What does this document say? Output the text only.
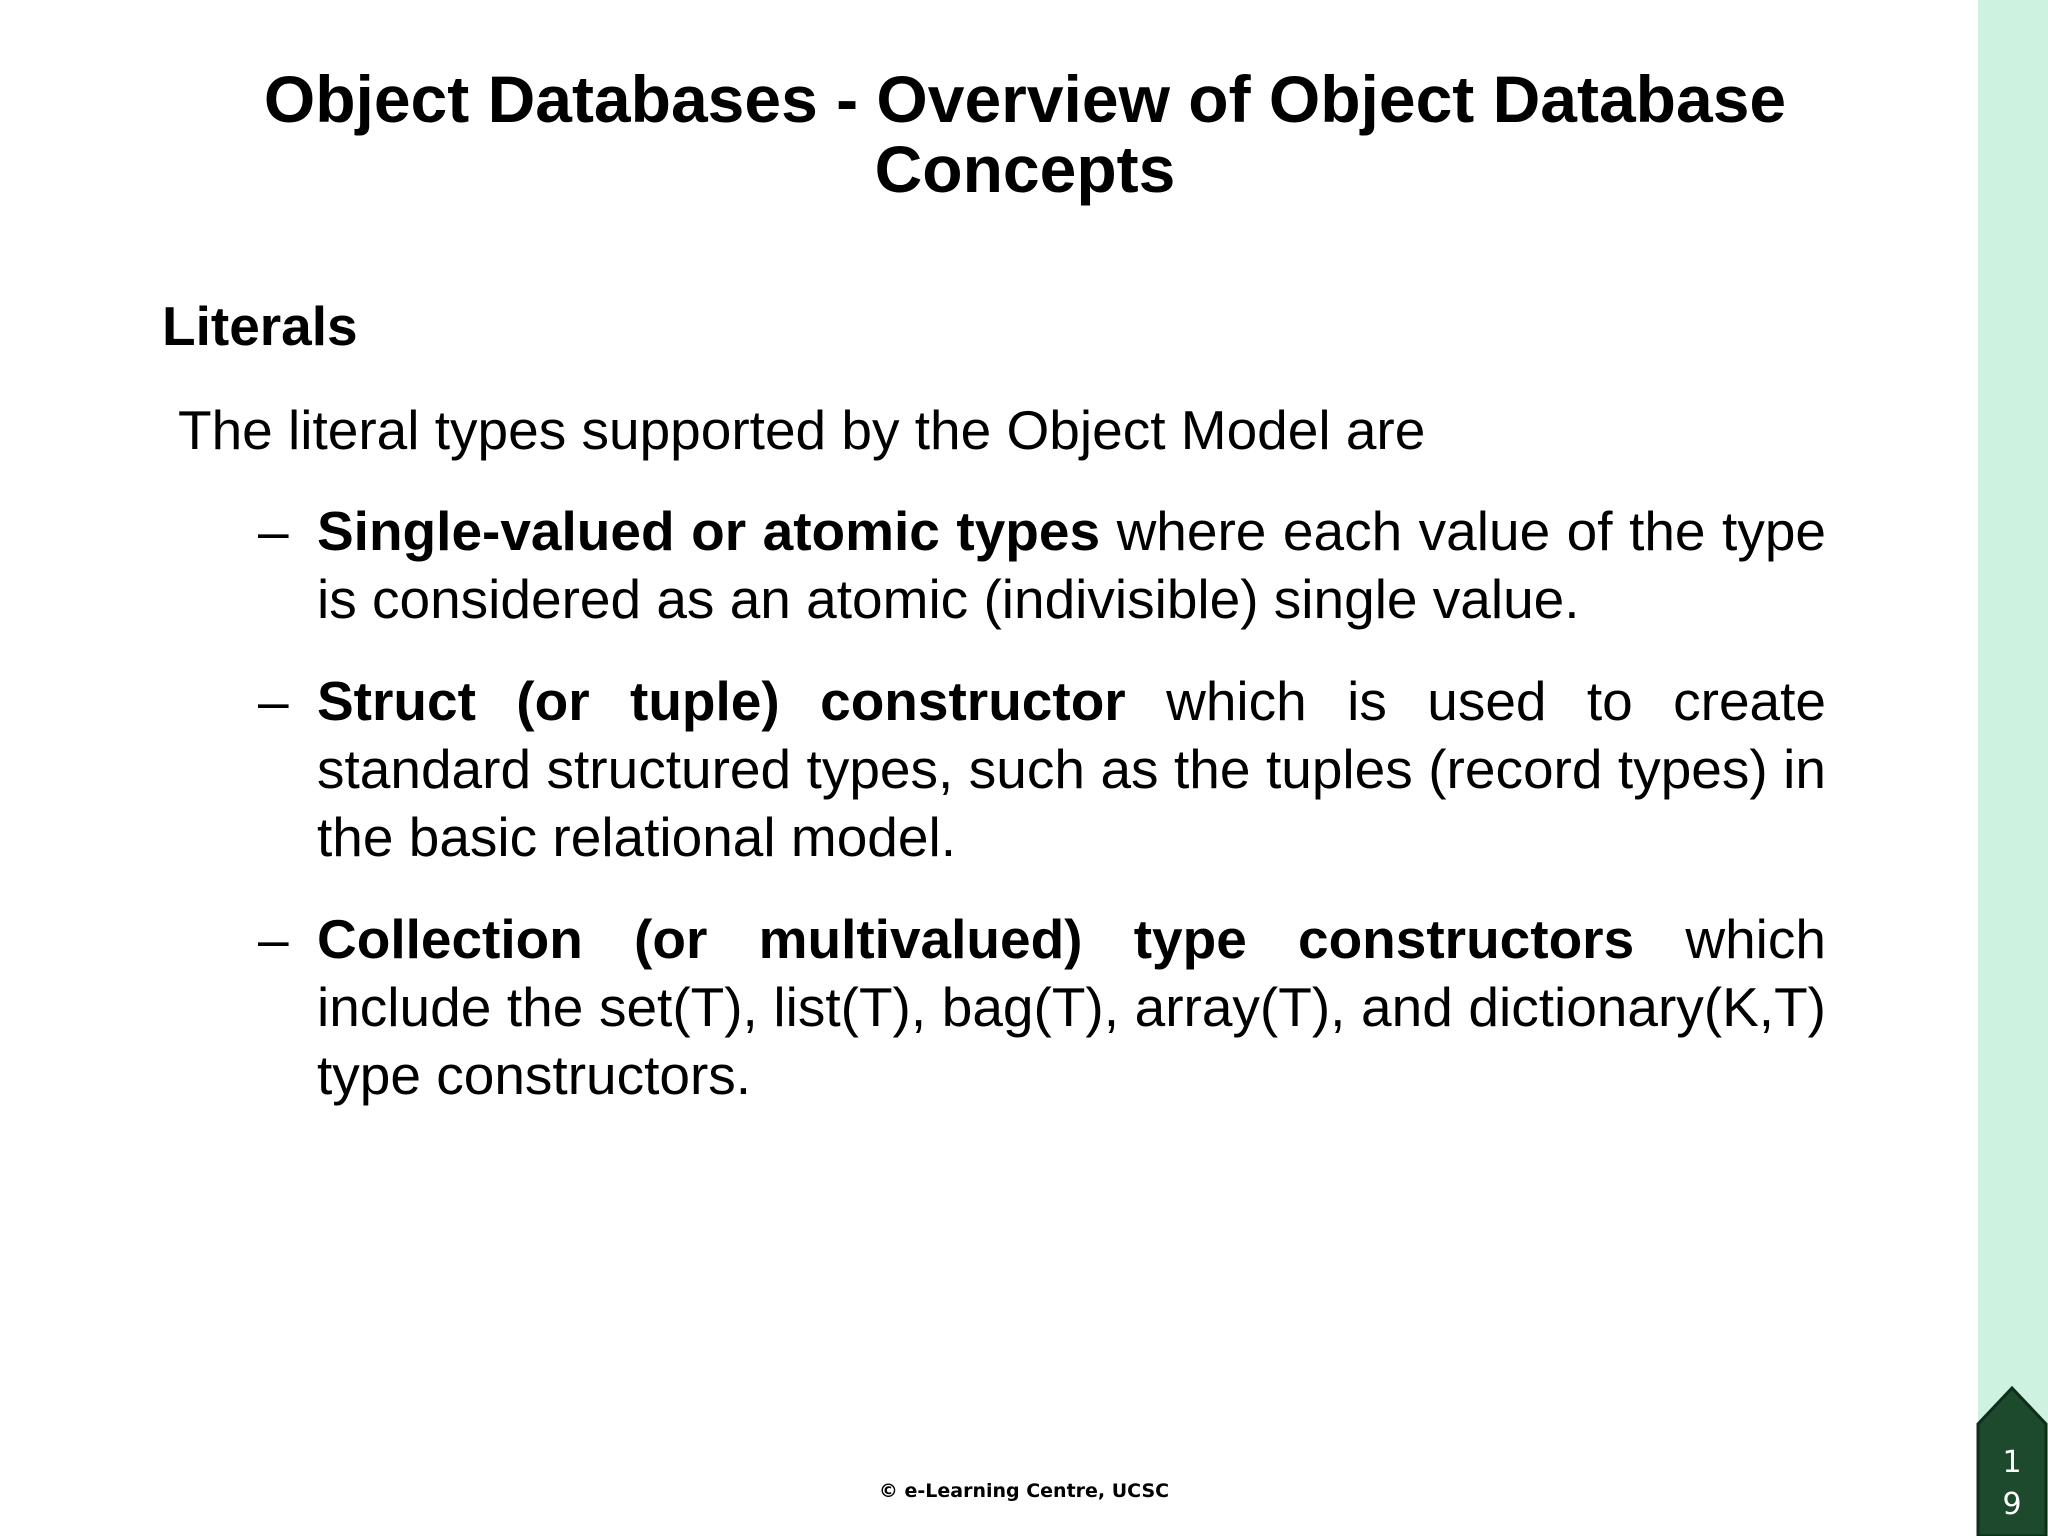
Object Databases - Overview of Object Database Concepts
Literals

The literal types supported by the Object Model are

– Single-valued or atomic types where each value of the type is considered as an atomic (indivisible) single value.
– Struct (or tuple) constructor which is used to create standard structured types, such as the tuples (record types) in the basic relational model.
– Collection (or multivalued) type constructors which include the set(T), list(T), bag(T), array(T), and dictionary(K,T) type constructors.
© e-Learning Centre, UCSC
1
9
